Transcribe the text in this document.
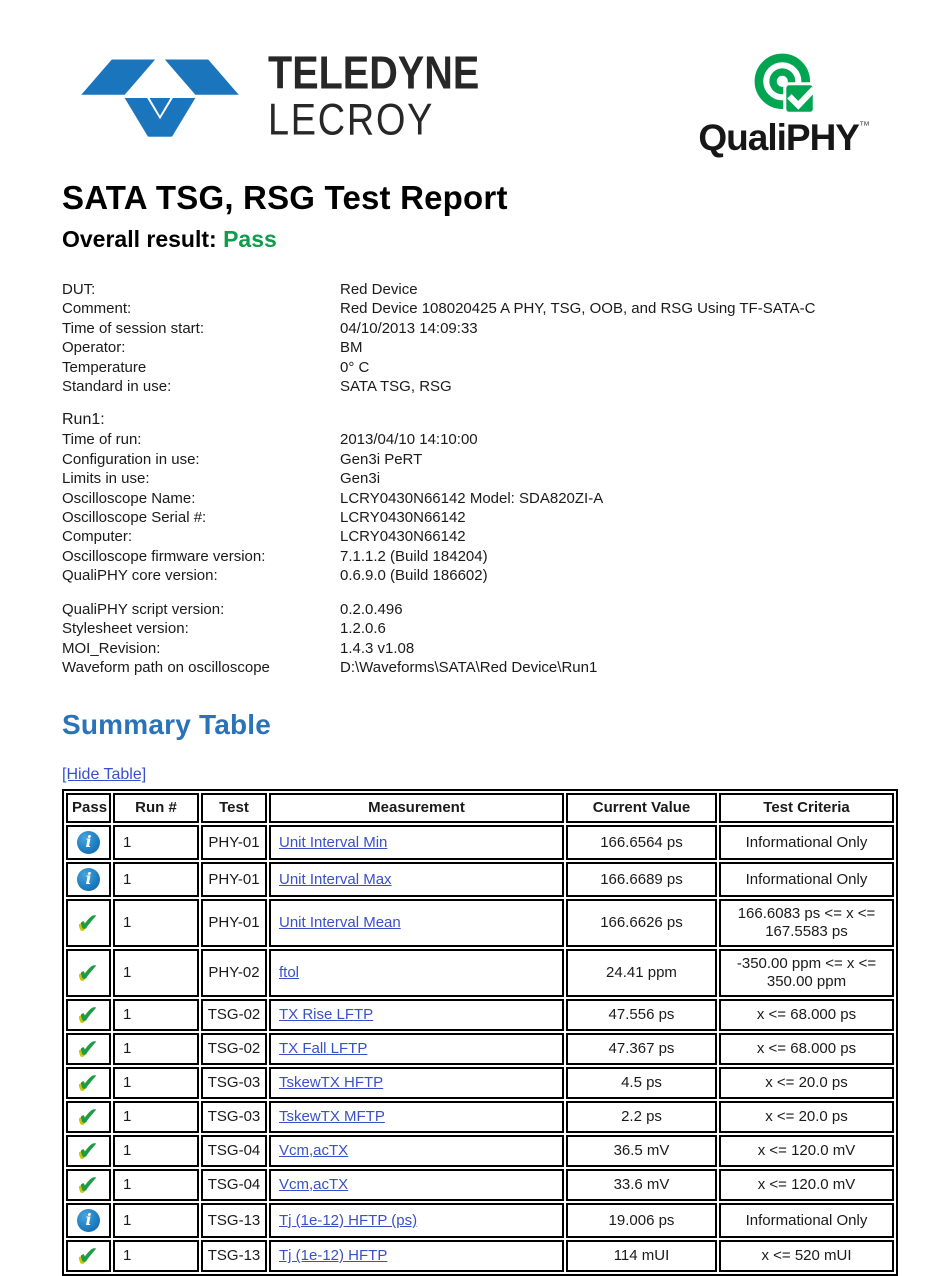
TELEDYNE
LECROY	QualiPHY ™
SATA TSG, RSG Test Report
Overall result: Pass
DUT:	Red Device
Comment:	Red Device 108020425 A PHY, TSG, OOB, and RSG Using TF-SATA-C
Time of session start:	04/10/2013 14:09:33
Operator:	BM
Temperature	0° C
Standard in use:	SATA TSG, RSG
Run1:
Time of run:	2013/04/10 14:10:00
Configuration in use:	Gen3i PeRT
Limits in use:	Gen3i
Oscilloscope Name:	LCRY0430N66142 Model: SDA820ZI-A
Oscilloscope Serial #:	LCRY0430N66142
Computer:	LCRY0430N66142
Oscilloscope firmware version:	7.1.1.2 (Build 184204)
QualiPHY core version:	0.6.9.0 (Build 186602)
QualiPHY script version:	0.2.0.496
Stylesheet version:	1.2.0.6
MOI_Revision:	1.4.3 v1.08
Waveform path on oscilloscope	D:\Waveforms\SATA\Red Device\Run1
Summary Table
[Hide Table]
Pass	Run #	Test	Measurement	Current Value	Test Criteria
i	1	PHY-01	Unit Interval Min	166.6564 ps	Informational Only
i	1	PHY-01	Unit Interval Max	166.6689 ps	Informational Only
✔	1	PHY-01	Unit Interval Mean	166.6626 ps	166.6083 ps <= x <= 167.5583 ps
✔	1	PHY-02	ftol	24.41 ppm	-350.00 ppm <= x <= 350.00 ppm
✔	1	TSG-02	TX Rise LFTP	47.556 ps	x <= 68.000 ps
✔	1	TSG-02	TX Fall LFTP	47.367 ps	x <= 68.000 ps
✔	1	TSG-03	TskewTX HFTP	4.5 ps	x <= 20.0 ps
✔	1	TSG-03	TskewTX MFTP	2.2 ps	x <= 20.0 ps
✔	1	TSG-04	Vcm,acTX	36.5 mV	x <= 120.0 mV
✔	1	TSG-04	Vcm,acTX	33.6 mV	x <= 120.0 mV
i	1	TSG-13	Tj (1e-12) HFTP (ps)	19.006 ps	Informational Only
✔	1	TSG-13	Tj (1e-12) HFTP	114 mUI	x <= 520 mUI
